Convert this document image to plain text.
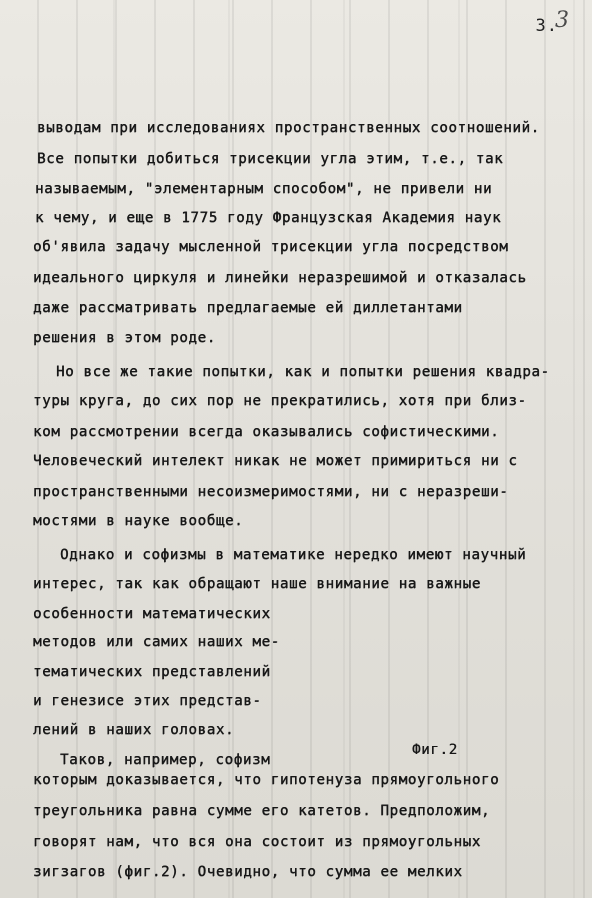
3.3
выводам при исследованиях пространственных соотношений.
Все попытки добиться трисекции угла этим, т.е., так
называемым, "элементарным способом", не привели ни
к чему, и еще в 1775 году Французская Академия наук
об'явила задачу мысленной трисекции угла посредством
идеального циркуля и линейки неразрешимой и отказалась
даже рассматривать предлагаемые ей диллетантами
решения в этом роде.
Но все же такие попытки, как и попытки решения квадра-
туры круга, до сих пор не прекратились, хотя при близ-
ком рассмотрении всегда оказывались софистическими.
Человеческий интелект никак не может примириться ни с
пространственными несоизмеримостями, ни с неразреши-
мостями в науке вообще.
Однако и софизмы в математике нередко имеют научный
интерес, так как обращают наше внимание на важные
особенности математических
методов или самих наших ме-
тематических представлений
и генезисе этих представ-
лений в наших головах.
Таков, например, софизм
Фиг.2
которым доказывается, что гипотенуза прямоугольного
треугольника равна сумме его катетов. Предположим,
говорят нам, что вся она состоит из прямоугольных
зигзагов (фиг.2). Очевидно, что сумма ее мелких
